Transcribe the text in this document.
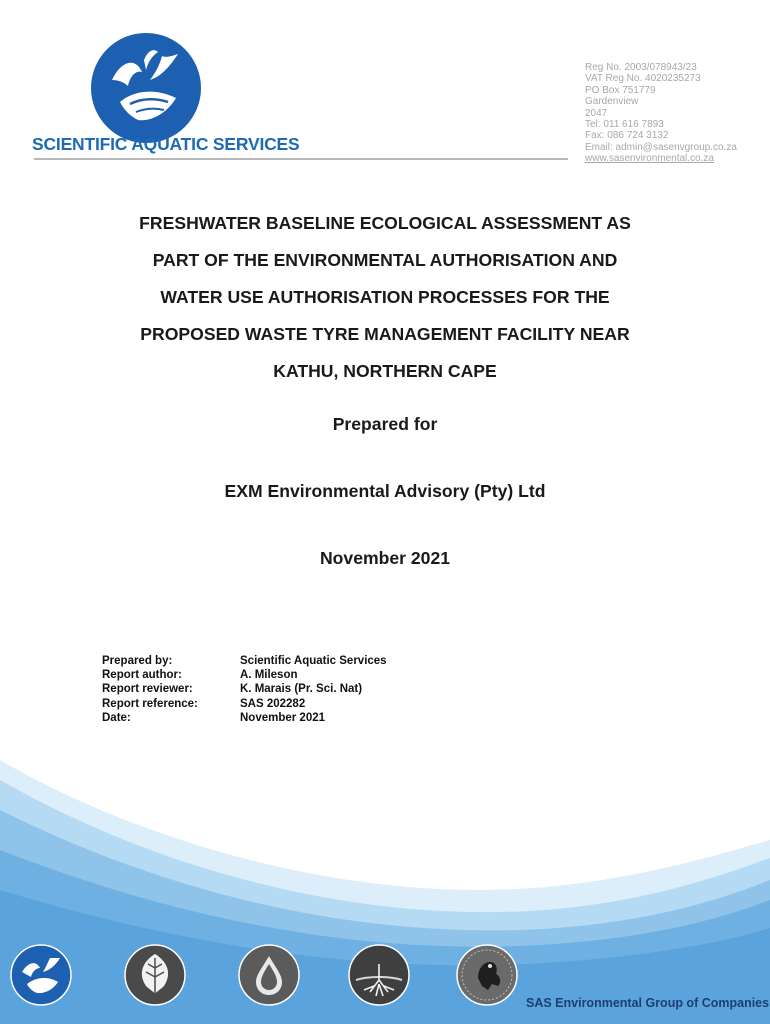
SCIENTIFIC AQUATIC SERVICES
Reg No. 2003/078943/23
VAT Reg No. 4020235273
PO Box 751779
Gardenview
2047
Tel: 011 616 7893
Fax: 086 724 3132
Email: admin@sasenvgroup.co.za
www.sasenvironmental.co.za
FRESHWATER BASELINE ECOLOGICAL ASSESSMENT AS
PART OF THE ENVIRONMENTAL AUTHORISATION AND
WATER USE AUTHORISATION PROCESSES FOR THE
PROPOSED WASTE TYRE MANAGEMENT FACILITY NEAR
KATHU, NORTHERN CAPE
Prepared for
EXM Environmental Advisory (Pty) Ltd
November 2021
Prepared by:	Scientific Aquatic Services
Report author:	A. Mileson
Report reviewer:	K. Marais (Pr. Sci. Nat)
Report reference:	SAS 202282
Date:	November 2021
SAS Environmental Group of Companies
